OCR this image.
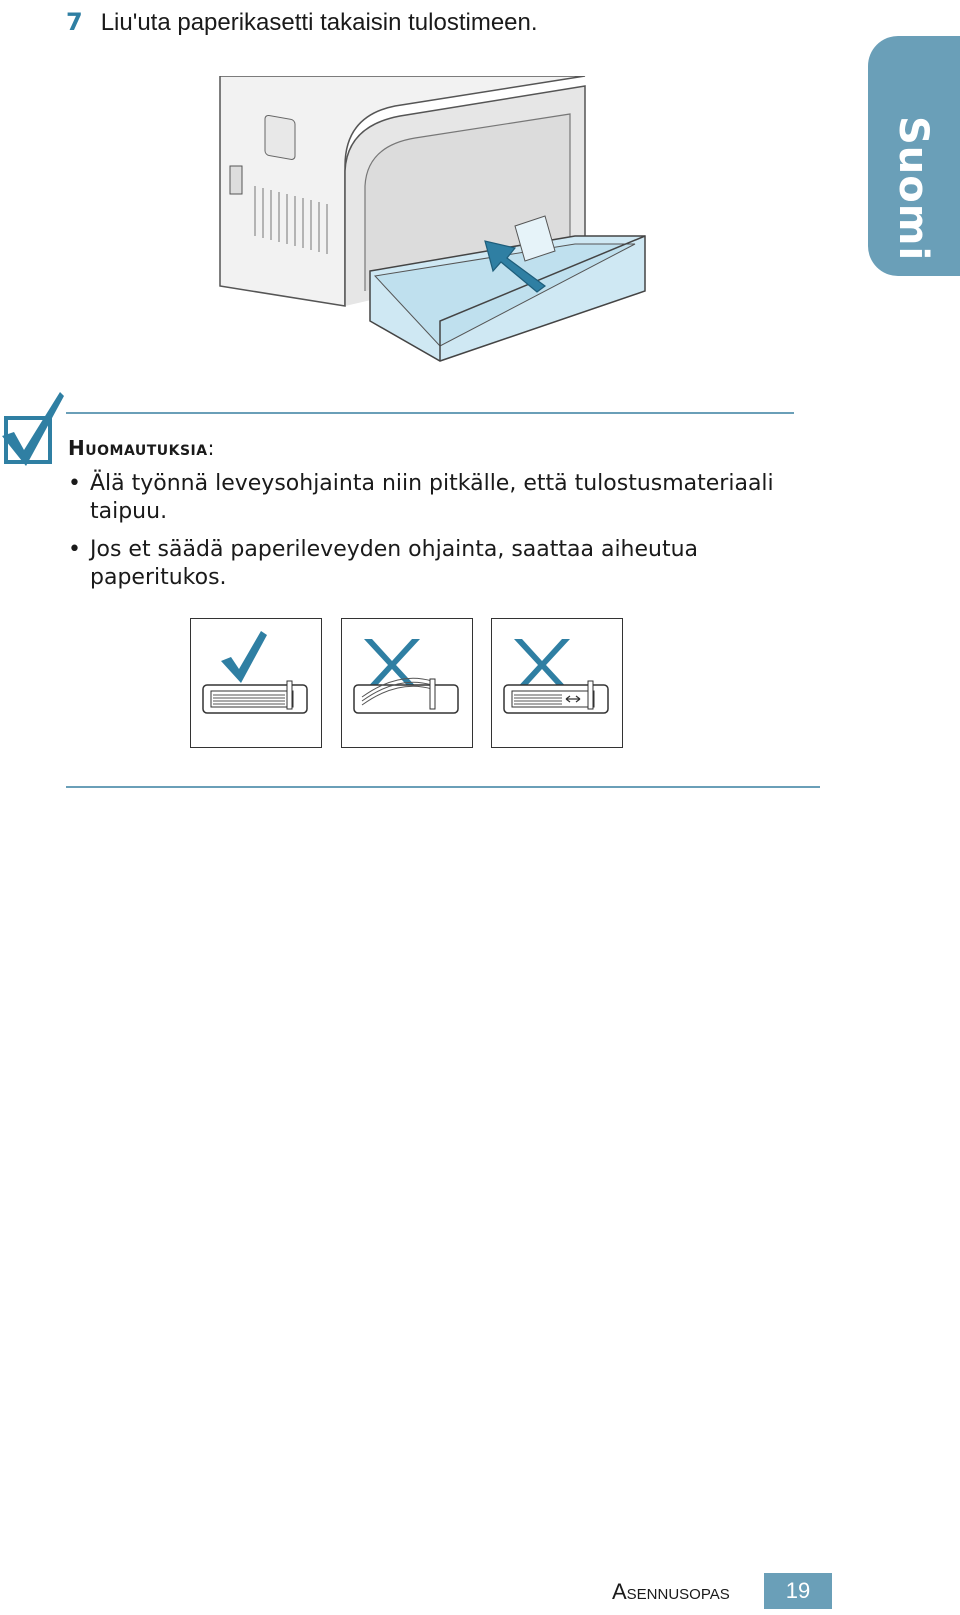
7 Liu'uta paperikasetti takaisin tulostimeen.
Suomi
Huomautuksia:
• Älä työnnä leveysohjainta niin pitkälle, että tulostusmateriaali taipuu.
• Jos et säädä paperileveyden ohjainta, saattaa aiheutua paperitukos.
Asennusopas	19
